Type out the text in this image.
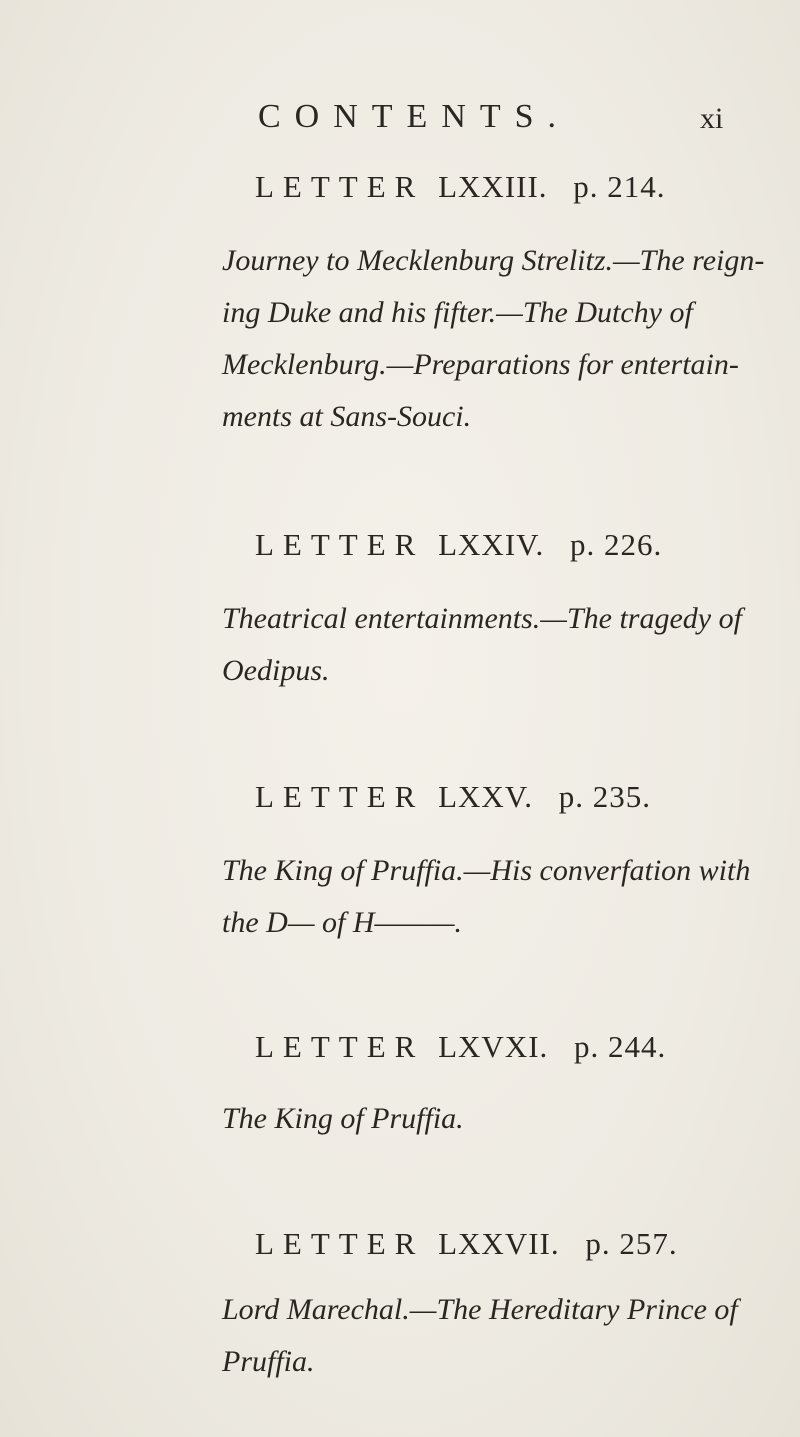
CONTENTS.	xi
LETTER LXXIII. p. 214.
Journey to Mecklenburg Strelitz.—The reign-
ing Duke and his fifter.—The Dutchy of
Mecklenburg.—Preparations for entertain-
ments at Sans-Souci.
LETTER LXXIV. p. 226.
Theatrical entertainments.—The tragedy of
Oedipus.
LETTER LXXV. p. 235.
The King of Pruffia.—His converfation with
the D— of H———.
LETTER LXVXI. p. 244.
The King of Pruffia.
LETTER LXXVII. p. 257.
Lord Marechal.—The Hereditary Prince of
Pruffia.
